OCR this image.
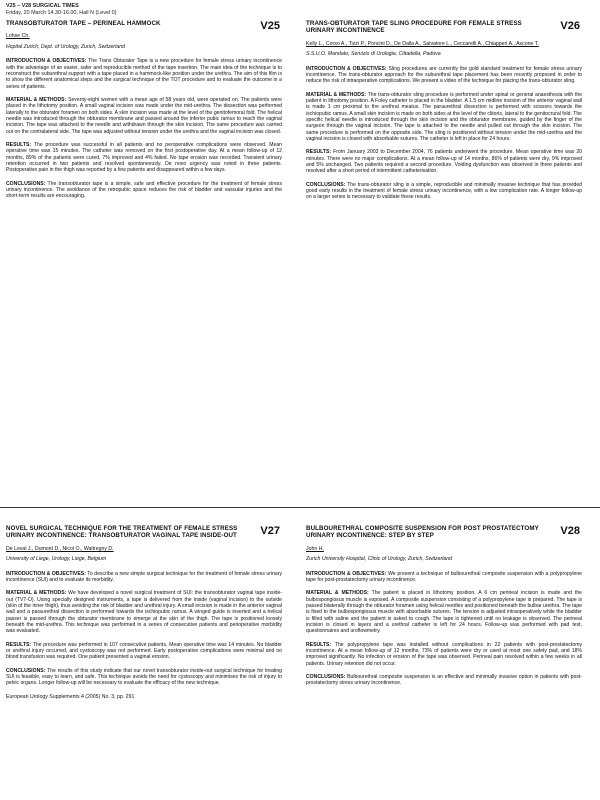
V25 – V28 SURGICAL TIMES
Friday, 20 March 14.30-16.00, Hall N (Level 0)
V25
TRANSOBTURATOR TAPE – PERINEAL HAMMOCK
Lohse Ch.
Hopital Zurich, Dept. of Urology, Zurich, Switzerland

INTRODUCTION & OBJECTIVES: The Trans Obturator Tape is a new procedure for female stress urinary incontinence with the advantage of an easier, safer and reproducible method of the tape insertion. The main idea of the technique is to reconstruct the suburethral support with a tape placed in a hammock-like position under the urethra. The aim of this film is to show the different anatomical steps and the surgical technique of the TOT procedure and to evaluate the outcome in a series of patients.

MATERIAL & METHODS: Seventy-eight women with a mean age of 58 years old, were operated on. The patients were placed in the lithotomy position. A small vaginal incision was made under the mid-urethra. The dissection was performed laterally to the obturator foramen on both sides. A skin incision was made at the level of the genitofemoral fold. The helical needle was introduced through the obturator membrane and passed around the inferior pubic ramus to reach the vaginal incision. The tape was attached to the needle and withdrawn through the skin incision. The same procedure was carried out on the contralateral side. The tape was adjusted without tension under the urethra and the vaginal incision was closed.

RESULTS: The procedure was successful in all patients and no peroperative complications were observed. Mean operative time was 15 minutes. The catheter was removed on the first postoperative day. At a mean follow-up of 12 months, 89% of the patients were cured, 7% improved and 4% failed. No tape erosion was recorded. Transient urinary retention occurred in two patients and resolved spontaneously. De novo urgency was noted in three patients. Postoperative pain in the thigh was reported by a few patients and disappeared within a few days.

CONCLUSIONS: The transobturator tape is a simple, safe and effective procedure for the treatment of female stress urinary incontinence. The avoidance of the retropubic space reduces the risk of bladder and vascular injuries and the short-term results are encouraging.

V26
TRANS-OBTURATOR TAPE SLING PROCEDURE FOR FEMALE STRESS URINARY INCONTINENCE
Kelly L., Corso A., Tizzi P., Poncini D., De Dalla A., Salvatore L., Ceccarelli A., Chiapperi A., Ascone T.
S.S.U.O. Mandato, Servizio di Urologia, Cittadella, Padova

INTRODUCTION & OBJECTIVES: Sling procedures are currently the gold standard treatment for female stress urinary incontinence. The trans-obturator approach for the suburethral tape placement has been recently proposed in order to reduce the risk of intraoperative complications. We present a video of the technique for placing the trans-obturator sling.

MATERIAL & METHODS: The trans-obturator sling procedure is performed under spinal or general anaesthesia with the patient in lithotomy position. A Foley catheter is placed in the bladder. A 1.5 cm midline incision of the anterior vaginal wall is made 1 cm proximal to the urethral meatus. The paraurethral dissection is performed with scissors towards the ischiopubic ramus. A small skin incision is made on both sides at the level of the clitoris, lateral to the genitocrural fold. The specific helical needle is introduced through the skin incision and the obturator membrane, guided by the finger of the surgeon through the vaginal incision. The tape is attached to the needle and pulled out through the skin incision. The same procedure is performed on the opposite side. The sling is positioned without tension under the mid-urethra and the vaginal incision is closed with absorbable sutures. The catheter is left in place for 24 hours.

RESULTS: From January 2003 to December 2004, 76 patients underwent the procedure. Mean operative time was 20 minutes. There were no major complications. At a mean follow-up of 14 months, 86% of patients were dry, 9% improved and 5% unchanged. Two patients required a second procedure. Voiding dysfunction was observed in three patients and resolved after a short period of intermittent catheterisation.

CONCLUSIONS: The trans-obturator sling is a simple, reproducible and minimally invasive technique that has provided good early results in the treatment of female stress urinary incontinence, with a low complication rate. A longer follow-up on a larger series is necessary to validate these results.

V27
NOVEL SURGICAL TECHNIQUE FOR THE TREATMENT OF FEMALE STRESS URINARY INCONTINENCE: TRANSOBTURATOR VAGINAL TAPE INSIDE-OUT
De Leval J., Dumont D., Nicol O., Waltregny D.
University of Liege, Urology, Liege, Belgium

INTRODUCTION & OBJECTIVES: To describe a new simple surgical technique for the treatment of female stress urinary incontinence (SUI) and to evaluate its morbidity.

MATERIAL & METHODS: We have developed a novel surgical treatment of SUI: the transobturator vaginal tape inside-out (TVT-O). Using specially designed instruments, a tape is delivered from the inside (vaginal incision) to the outside (skin of the inner thigh), thus avoiding the risk of bladder and urethral injury. A small incision is made in the anterior vaginal wall and a paraurethral dissection is performed towards the ischiopubic ramus. A winged guide is inserted and a helical passer is passed through the obturator membrane to emerge at the skin of the thigh. The tape is positioned loosely beneath the mid-urethra. This technique was performed in a series of consecutive patients and perioperative morbidity was evaluated.

RESULTS: The procedure was performed in 107 consecutive patients. Mean operative time was 14 minutes. No bladder or urethral injury occurred, and cystoscopy was not performed. Early postoperative complications were minimal and no blood transfusion was required. One patient presented a vaginal erosion.

CONCLUSIONS: The results of this study indicate that our novel transobturator inside-out surgical technique for treating SUI is feasible, easy to learn, and safe. This technique avoids the need for cystoscopy and minimises the risk of injury to pelvic organs. Longer follow-up will be necessary to evaluate the efficacy of the new technique.

European Urology Supplements 4 (2005) No. 3, pp. 291
V28
BULBOURETHRAL COMPOSITE SUSPENSION FOR POST PROSTATECTOMY URINARY INCONTINENCE: STEP BY STEP
John H.
Zurich University Hospital, Clinic of Urology, Zurich, Switzerland

INTRODUCTION & OBJECTIVES: We present a technique of bulbourethral composite suspension with a polypropylene tape for post-prostatectomy urinary incontinence.

MATERIAL & METHODS: The patient is placed in lithotomy position. A 6 cm perineal incision is made and the bulbospongiosus muscle is exposed. A composite suspension consisting of a polypropylene tape is prepared. The tape is passed bilaterally through the obturator foramen using helical needles and positioned beneath the bulbar urethra. The tape is fixed to the bulbospongiosus muscle with absorbable sutures. The tension is adjusted intraoperatively while the bladder is filled with saline and the patient is asked to cough. The tape is tightened until no leakage is observed. The perineal incision is closed in layers and a urethral catheter is left for 24 hours. Follow-up was performed with pad test, questionnaires and uroflowmetry.

RESULTS: The polypropylene tape was installed without complications in 22 patients with post-prostatectomy incontinence. At a mean follow-up of 12 months, 73% of patients were dry or used at most one safety pad, and 18% improved significantly. No infection or erosion of the tape was observed. Perineal pain resolved within a few weeks in all patients. Urinary retention did not occur.

CONCLUSIONS: Bulbourethral composite suspension is an effective and minimally invasive option in patients with post-prostatectomy stress urinary incontinence.
